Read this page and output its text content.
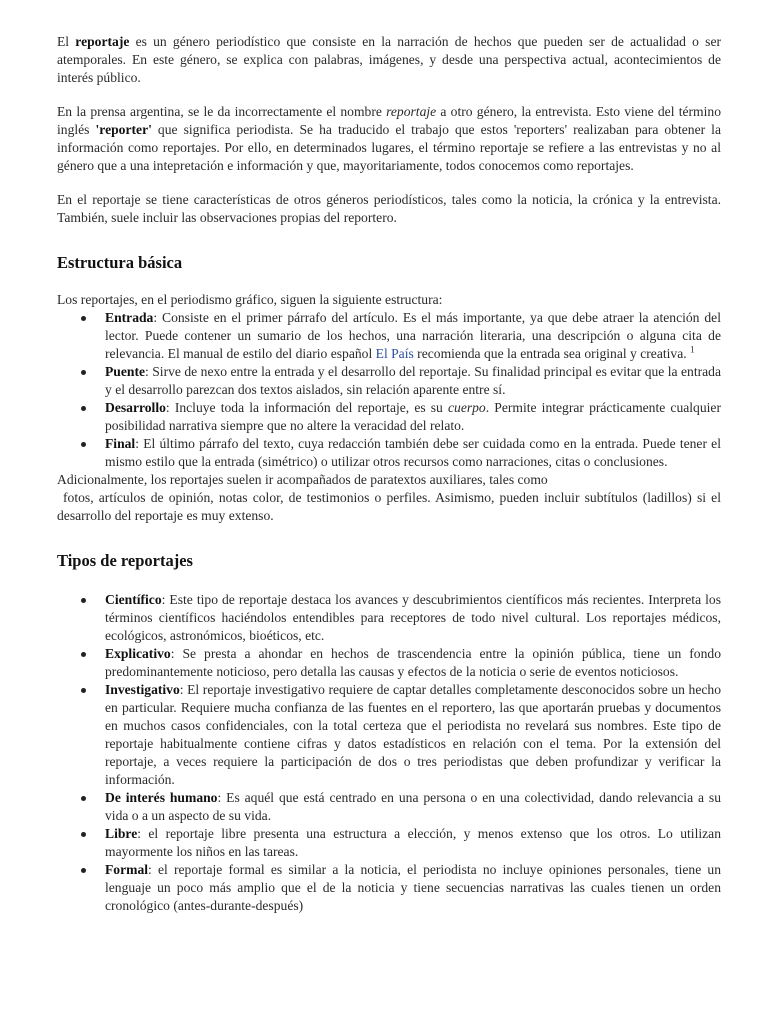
El reportaje es un género periodístico que consiste en la narración de hechos que pueden ser de actualidad o ser atemporales. En este género, se explica con palabras, imágenes, y desde una perspectiva actual, acontecimientos de interés público.

En la prensa argentina, se le da incorrectamente el nombre reportaje a otro género, la entrevista. Esto viene del término inglés 'reporter' que significa periodista. Se ha traducido el trabajo que estos 'reporters' realizaban para obtener la información como reportajes. Por ello, en determinados lugares, el término reportaje se refiere a las entrevistas y no al género que a una intepretación e información y que, mayoritariamente, todos conocemos como reportajes.

En el reportaje se tiene características de otros géneros periodísticos, tales como la noticia, la crónica y la entrevista. También, suele incluir las observaciones propias del reportero.

Estructura básica

Los reportajes, en el periodismo gráfico, siguen la siguiente estructura:

Entrada: Consiste en el primer párrafo del artículo. Es el más importante, ya que debe atraer la atención del lector. Puede contener un sumario de los hechos, una narración literaria, una descripción o alguna cita de relevancia. El manual de estilo del diario español El País recomienda que la entrada sea original y creativa. $^1$
Puente: Sirve de nexo entre la entrada y el desarrollo del reportaje. Su finalidad principal es evitar que la entrada y el desarrollo parezcan dos textos aislados, sin relación aparente entre sí.
Desarrollo: Incluye toda la información del reportaje, es su cuerpo. Permite integrar prácticamente cualquier posibilidad narrativa siempre que no altere la veracidad del relato.
Final: El último párrafo del texto, cuya redacción también debe ser cuidada como en la entrada. Puede tener el mismo estilo que la entrada (simétrico) o utilizar otros recursos como narraciones, citas o conclusiones.

Adicionalmente, los reportajes suelen ir acompañados de paratextos auxiliares, tales como

fotos, artículos de opinión, notas color, de testimonios o perfiles. Asimismo, pueden incluir subtítulos (ladillos) si el desarrollo del reportaje es muy extenso.

Tipos de reportajes
Científico: Este tipo de reportaje destaca los avances y descubrimientos científicos más recientes. Interpreta los términos científicos haciéndolos entendibles para receptores de todo nivel cultural. Los reportajes médicos, ecológicos, astronómicos, bioéticos, etc.
Explicativo: Se presta a ahondar en hechos de trascendencia entre la opinión pública, tiene un fondo predominantemente noticioso, pero detalla las causas y efectos de la noticia o serie de eventos noticiosos.
Investigativo: El reportaje investigativo requiere de captar detalles completamente desconocidos sobre un hecho en particular. Requiere mucha confianza de las fuentes en el reportero, las que aportarán pruebas y documentos en muchos casos confidenciales, con la total certeza que el periodista no revelará sus nombres. Este tipo de reportaje habitualmente contiene cifras y datos estadísticos en relación con el tema. Por la extensión del reportaje, a veces requiere la participación de dos o tres periodistas que deben profundizar y verificar la información.
De interés humano: Es aquél que está centrado en una persona o en una colectividad, dando relevancia a su vida o a un aspecto de su vida.
Libre: el reportaje libre presenta una estructura a elección, y menos extenso que los otros. Lo utilizan mayormente los niños en las tareas.
Formal: el reportaje formal es similar a la noticia, el periodista no incluye opiniones personales, tiene un lenguaje un poco más amplio que el de la noticia y tiene secuencias narrativas las cuales tienen un orden cronológico (antes-durante-después)
